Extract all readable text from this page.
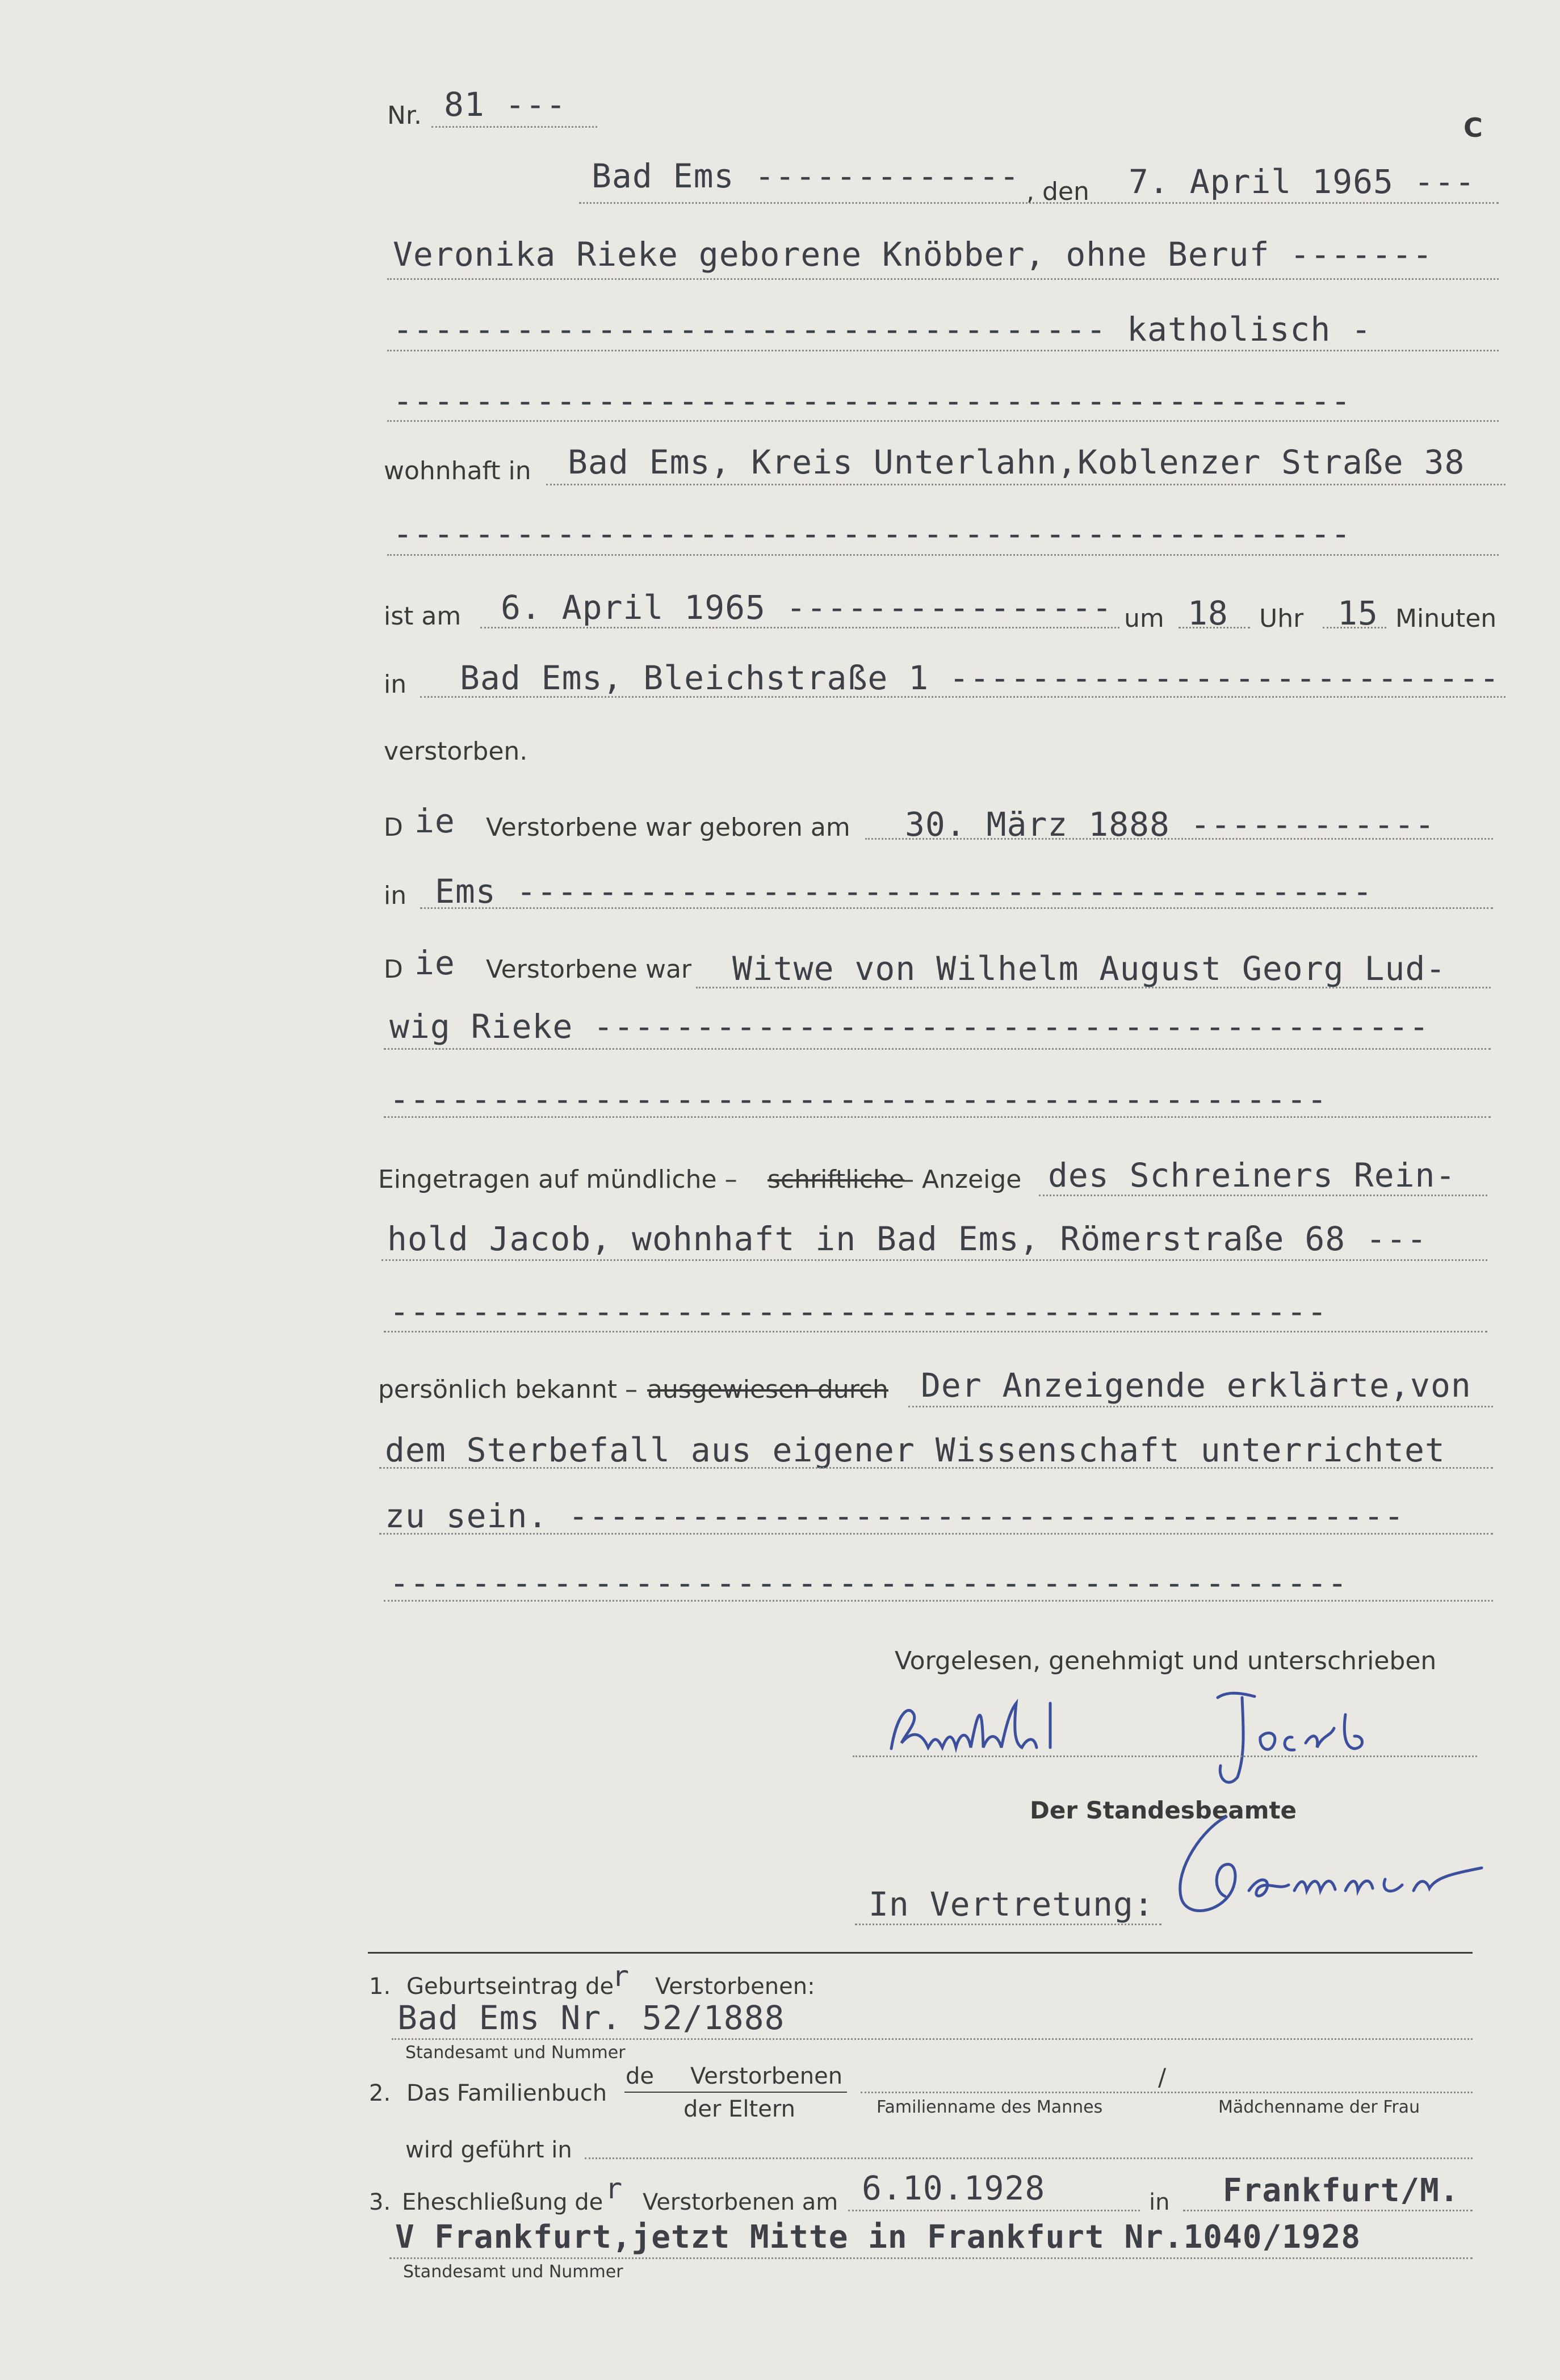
Nr. 81 ---
C
Bad Ems ------------- , den 7. April 1965 ---
Veronika Rieke geborene Knöbber, ohne Beruf -------
----------------------------------- katholisch -
-----------------------------------------------
wohnhaft in Bad Ems, Kreis Unterlahn,Koblenzer Straße 38
-----------------------------------------------
ist am 6. April 1965 ---------------- um 18 Uhr 15 Minuten
in Bad Ems, Bleichstraße 1 ---------------------------
verstorben.
D ie Verstorbene war geboren am 30. März 1888 ------------
in Ems ------------------------------------------
D ie Verstorbene war Witwe von Wilhelm August Georg Lud-
wig Rieke -----------------------------------------
----------------------------------------------
Eingetragen auf mündliche – schriftliche
– Anzeige des Schreiners Rein-
hold Jacob, wohnhaft in Bad Ems, Römerstraße 68 ---
----------------------------------------------
persönlich bekannt – ausgewiesen durch Der Anzeigende erklärte,von
dem Sterbefall aus eigener Wissenschaft unterrichtet
zu sein. -----------------------------------------
-----------------------------------------------
Vorgelesen, genehmigt und unterschrieben
Der Standesbeamte
In Vertretung:
1. Geburtseintrag de
r Verstorbenen:
Bad Ems Nr. 52/1888
Standesamt und Nummer
2. Das Familienbuch
de Verstorbenen
der Eltern
/
Familienname des Mannes	Mädchenname der Frau
wird geführt in
3. Eheschließung de r Verstorbenen am 6.10.1928	in Frankfurt/M.
V Frankfurt,jetzt Mitte in Frankfurt Nr.1040/1928
Standesamt und Nummer
